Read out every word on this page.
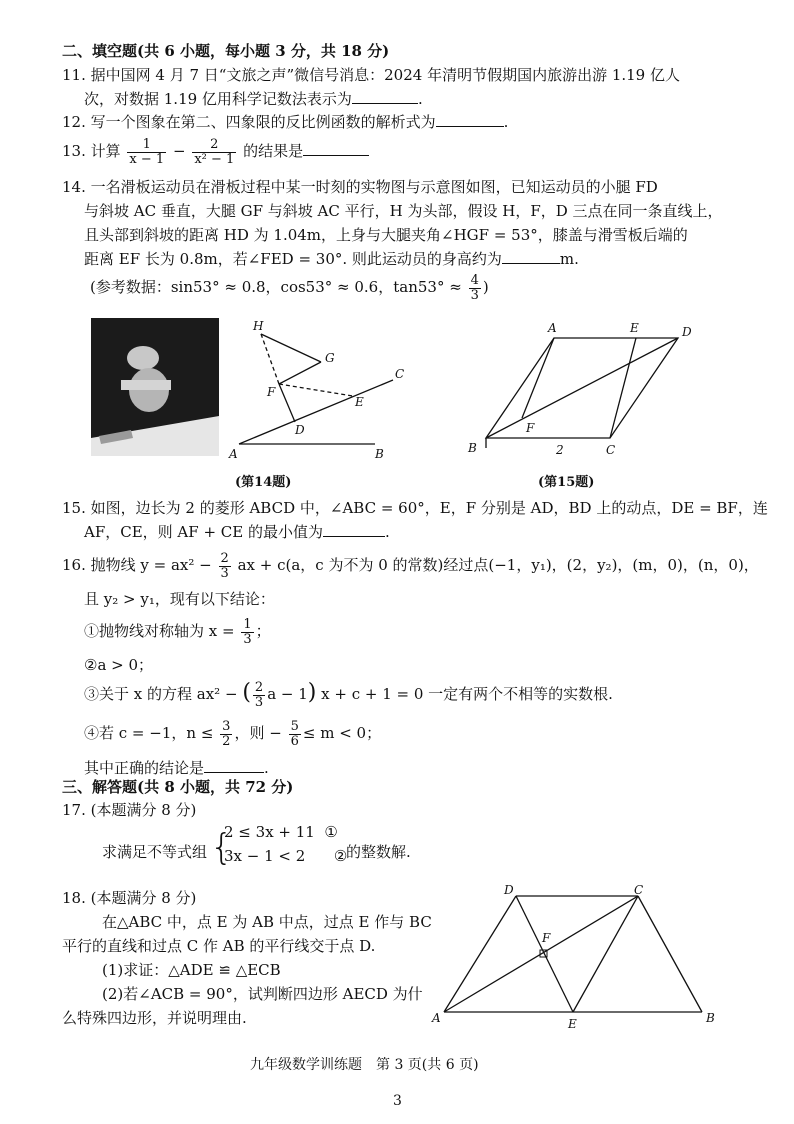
二、填空题(共 6 小题，每小题 3 分，共 18 分)
11. 据中国网 4 月 7 日“文旅之声”微信号消息：2024 年清明节假期国内旅游出游 1.19 亿人
次，对数据 1.19 亿用科学记数法表示为	.
12. 写一个图象在第二、四象限的反比例函数的解析式为	.
13. 计算 $\frac{1}{x - 1} - \frac{2}{\text{x² − 1}}$ 的结果是
14. 一名滑板运动员在滑板过程中某一时刻的实物图与示意图如图，已知运动员的小腿 FD
与斜坡 AC 垂直，大腿 GF 与斜坡 AC 平行，H 为头部，假设 H，F，D 三点在同一条直线上，
且头部到斜坡的距离 HD 为 1.04m，上身与大腿夹角∠HGF = 53°，膝盖与滑雪板后端的
距离 EF 长为 0.8m，若∠FED = 30°. 则此运动员的身高约为	m.
(参考数据：sin53° ≈ 0.8，cos53° ≈ 0.6，$\tan 53^\circ \approx \frac{4}{3}$ )
H
G
F
E
C
D
A	B
(第14题)
A	E	D
F
B	C
2
(第15题)
15. 如图，边长为 2 的菱形 ABCD 中，∠ABC = 60°，E，F 分别是 AD，BD 上的动点，DE = BF，连
AF，CE，则 AF + CE 的最小值为	.
16. 抛物线 $y = ax^2 - \frac{2}{3}$ ax + c(a，c 为不为 0 的常数)经过点(−1，y₁)，(2，y₂)，(m，0)，(n，0)，
且 y₂ > y₁，现有以下结论：
①抛物线对称轴为 $x = \frac{1}{3}$ ；
②a > 0；
③关于 x 的方程 ax² − ( $\frac{2}{3}$ a − 1) x + c + 1 = 0 一定有两个不相等的实数根.
④若 c = −1，$n \le \frac{3}{2}$ ，则 − $\frac{5}{6} \le m < 0$；
其中正确的结论是	.
三、解答题(共 8 小题，共 72 分)
17. (本题满分 8 分)
求满足不等式组 {
2 ≤ 3x + 11 ①
3x − 1 < 2 ②
的整数解.
18. (本题满分 8 分)
在△ABC 中，点 E 为 AB 中点，过点 E 作与 BC
平行的直线和过点 C 作 AB 的平行线交于点 D.
(1)求证：△ADE ≌ △ECB
(2)若∠ACB = 90°，试判断四边形 AECD 为什
么特殊四边形，并说明理由.
D	C
F
A	E	B
九年级数学训练题　第 3 页(共 6 页)
3
